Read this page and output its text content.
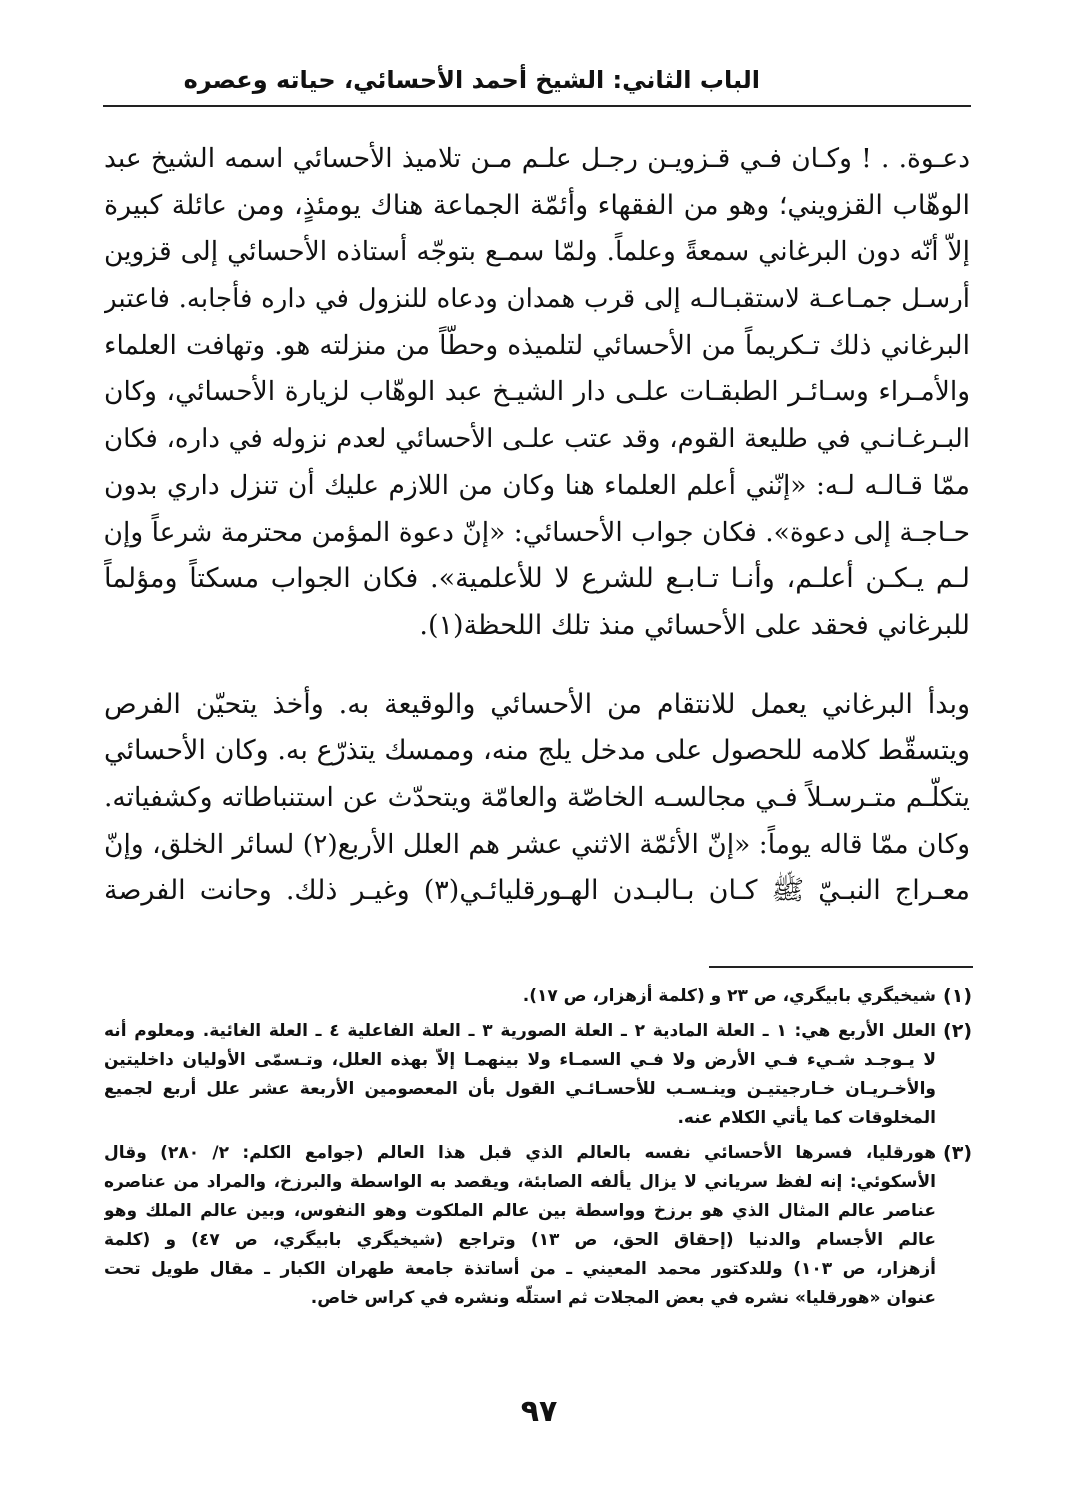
الباب الثاني: الشيخ أحمد الأحسائي، حياته وعصره
دعـوة. . ! وكـان فـي قـزويـن رجـل علـم مـن تلاميذ الأحسائي اسمه الشيخ عبد
الوهّاب القزويني؛ وهو من الفقهاء وأئمّة الجماعة هناك يومئذٍ، ومن عائلة كبيرة
إلاّ أنّه دون البرغاني سمعةً وعلماً. ولمّا سمـع بتوجّه أستاذه الأحسائي إلى قزوين
أرسـل جمـاعـة لاستقبـالـه إلى قرب همدان ودعاه للنزول في داره فأجابه. فاعتبر
البرغاني ذلك تـكريماً من الأحسائي لتلميذه وحطّاً من منزلته هو. وتهافت العلماء
والأمـراء وسـائـر الطبقـات علـى دار الشيـخ عبد الوهّاب لزيارة الأحسائي، وكان
البـرغـانـي في طليعة القوم، وقد عتب علـى الأحسائي لعدم نزوله في داره، فكان
ممّا قـالـه لـه: «إنّني أعلم العلماء هنا وكان من اللازم عليك أن تنزل داري بدون
حـاجـة إلى دعوة». فكان جواب الأحسائي: «إنّ دعوة المؤمن محترمة شرعاً وإن
لـم يـكـن أعلـم، وأنـا تـابـع للشرع لا للأعلمية». فكان الجواب مسكتاً ومؤلماً
للبرغاني فحقد على الأحسائي منذ تلك اللحظة(١).
وبدأ البرغاني يعمل للانتقام من الأحسائي والوقيعة به. وأخذ يتحيّن الفرص
ويتسقّط كلامه للحصول على مدخل يلج منه، وممسك يتذرّع به. وكان الأحسائي
يتكلّـم متـرسـلاً فـي مجالسـه الخاصّة والعامّة ويتحدّث عن استنباطاته وكشفياته.
وكان ممّا قاله يوماً: «إنّ الأئمّة الاثني عشر هم العلل الأربع(٢) لسائر الخلق، وإنّ
معـراج النبـيّ ﷺ كـان بـالبـدن الهـورقليائـي(٣) وغيـر ذلك. وحانت الفرصة
(١)
شيخيگري بابيگري، ص ٢٣ و (كلمة أزهزار، ص ١٧).
(٢)
العلل الأربع هي: ١ ـ العلة المادية ٢ ـ العلة الصورية ٣ ـ العلة الفاعلية ٤ ـ العلة الغائية. ومعلوم أنه
لا يـوجـد شـيء فـي الأرض ولا فـي السمـاء ولا بينهمـا إلاّ بهذه العلل، وتـسمّى الأوليان داخليتين
والأخـريـان خـارجيتيـن وينـسـب للأحسـائـي القول بأن المعصومين الأربعة عشر علل أربع لجميع
المخلوقات كما يأتي الكلام عنه.
(٣)
هورقليا، فسرها الأحسائي نفسه بالعالم الذي قبل هذا العالم (جوامع الكلم: ٢/ ٢٨٠) وقال
الأسكوئي: إنه لفظ سرياني لا يزال يألفه الصابئة، ويقصد به الواسطة والبرزخ، والمراد من عناصره
عناصر عالم المثال الذي هو برزخ وواسطة بين عالم الملكوت وهو النفوس، وبين عالم الملك وهو
عالم الأجسام والدنيا (إحقاق الحق، ص ١٣) وتراجع (شيخيگري بابيگري، ص ٤٧) و (كلمة
أزهزار، ص ١٠٣) وللدكتور محمد المعيني ـ من أساتذة جامعة طهران الكبار ـ مقال طويل تحت
عنوان «هورقليا» نشره في بعض المجلات ثم استلّه ونشره في كراس خاص.
٩٧
